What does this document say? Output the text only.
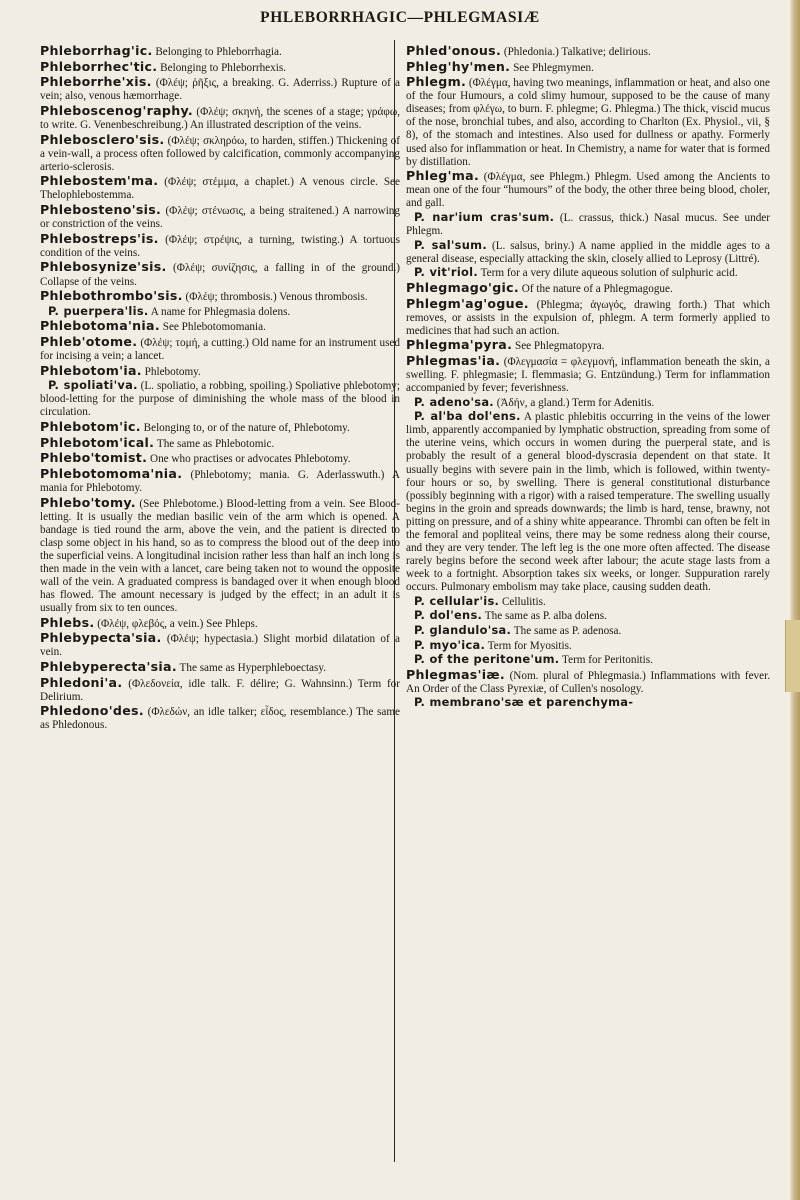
PHLEBORRHAGIC—PHLEGMASIÆ

Phleborrhag'ic. Belonging to Phleborrhagia.

Phleborrhec'tic. Belonging to Phleborrhexis.

Phleborrhe'xis. (Φλέψ; ῥῆξις, a breaking. G. Aderriss.) Rupture of a vein; also, venous hæmorrhage.

Phleboscenog'raphy. (Φλέψ; σκηνή, the scenes of a stage; γράφω, to write. G. Venenbeschreibung.) An illustrated description of the veins.

Phlebosclero'sis. (Φλέψ; σκληρόω, to harden, stiffen.) Thickening of a vein-wall, a process often followed by calcification, commonly accompanying arterio-sclerosis.

Phlebostem'ma. (Φλέψ; στέμμα, a chaplet.) A venous circle. See Thelophlebostemma.

Phlebosteno'sis. (Φλέψ; στένωσις, a being straitened.) A narrowing or constriction of the veins.

Phlebostreps'is. (Φλέψ; στρέψις, a turning, twisting.) A tortuous condition of the veins.

Phlebosynize'sis. (Φλέψ; συνίζησις, a falling in of the ground.) Collapse of the veins.

Phlebothrombo'sis. (Φλέψ; thrombosis.) Venous thrombosis.

P. puerpera'lis. A name for Phlegmasia dolens.

Phlebotoma'nia. See Phlebotomomania.

Phleb'otome. (Φλέψ; τομή, a cutting.) Old name for an instrument used for incising a vein; a lancet.

Phlebotom'ia. Phlebotomy.

P. spoliati'va. (L. spoliatio, a robbing, spoiling.) Spoliative phlebotomy; blood-letting for the purpose of diminishing the whole mass of the blood in circulation.

Phlebotom'ic. Belonging to, or of the nature of, Phlebotomy.

Phlebotom'ical. The same as Phlebotomic.

Phlebo'tomist. One who practises or advocates Phlebotomy.

Phlebotomoma'nia. (Phlebotomy; mania. G. Aderlasswuth.) A mania for Phlebotomy.

Phlebo'tomy. (See Phlebotome.) Blood-letting from a vein. See Blood-letting. It is usually the median basilic vein of the arm which is opened. A bandage is tied round the arm, above the vein, and the patient is directed to clasp some object in his hand, so as to compress the blood out of the deep into the superficial veins. A longitudinal incision rather less than half an inch long is then made in the vein with a lancet, care being taken not to wound the opposite wall of the vein. A graduated compress is bandaged over it when enough blood has flowed. The amount necessary is judged by the effect; in an adult it is usually from six to ten ounces.

Phlebs. (Φλέψ, φλεβός, a vein.) See Phleps.

Phlebypecta'sia. (Φλέψ; hypectasia.) Slight morbid dilatation of a vein.

Phlebyperecta'sia. The same as Hyperphleboectasy.

Phledoni'a. (Φλεδονεία, idle talk. F. délire; G. Wahnsinn.) Term for Delirium.

Phledono'des. (Φλεδών, an idle talker; εἶδος, resemblance.) The same as Phledonous.

Phled'onous. (Phledonia.) Talkative; delirious.

Phleg'hy'men. See Phlegmymen.

Phlegm. (Φλέγμα, having two meanings, inflammation or heat, and also one of the four Humours, a cold slimy humour, supposed to be the cause of many diseases; from φλέγω, to burn. F. phlegme; G. Phlegma.) The thick, viscid mucus of the nose, bronchial tubes, and also, according to Charlton (Ex. Physiol., vii, § 8), of the stomach and intestines. Also used for dullness or apathy. Formerly used also for inflammation or heat. In Chemistry, a name for water that is formed by distillation.

Phleg'ma. (Φλέγμα, see Phlegm.) Phlegm. Used among the Ancients to mean one of the four “humours” of the body, the other three being blood, choler, and gall.

P. nar'ium cras'sum. (L. crassus, thick.) Nasal mucus. See under Phlegm.

P. sal'sum. (L. salsus, briny.) A name applied in the middle ages to a general disease, especially attacking the skin, closely allied to Leprosy (Littré).

P. vit'riol. Term for a very dilute aqueous solution of sulphuric acid.

Phlegmago'gic. Of the nature of a Phlegmagogue.

Phlegm'ag'ogue. (Phlegma; ἀγωγός, drawing forth.) That which removes, or assists in the expulsion of, phlegm. A term formerly applied to medicines that had such an action.

Phlegma'pyra. See Phlegmatopyra.

Phlegmas'ia. (Φλεγμασία = φλεγμονή, inflammation beneath the skin, a swelling. F. phlegmasie; I. flemmasia; G. Entzündung.) Term for inflammation accompanied by fever; feverishness.

P. adeno'sa. (Ἀδήν, a gland.) Term for Adenitis.

P. al'ba dol'ens. A plastic phlebitis occurring in the veins of the lower limb, apparently accompanied by lymphatic obstruction, spreading from some of the uterine veins, which occurs in women during the puerperal state, and is probably the result of a general blood-dyscrasia dependent on that state. It usually begins with severe pain in the limb, which is followed, within twenty-four hours or so, by swelling. There is general constitutional disturbance (possibly beginning with a rigor) with a raised temperature. The swelling usually begins in the groin and spreads downwards; the limb is hard, tense, brawny, not pitting on pressure, and of a shiny white appearance. Thrombi can often be felt in the femoral and popliteal veins, there may be some redness along their course, and they are very tender. The left leg is the one more often affected. The disease rarely begins before the second week after labour; the acute stage lasts from a week to a fortnight. Absorption takes six weeks, or longer. Suppuration rarely occurs. Pulmonary embolism may take place, causing sudden death.

P. cellular'is. Cellulitis.

P. dol'ens. The same as P. alba dolens.

P. glandulo'sa. The same as P. adenosa.

P. myo'ica. Term for Myositis.

P. of the peritone'um. Term for Peritonitis.

Phlegmas'iæ. (Nom. plural of Phlegmasia.) Inflammations with fever. An Order of the Class Pyrexiæ, of Cullen's nosology.

P. membrano'sæ et parenchyma-
